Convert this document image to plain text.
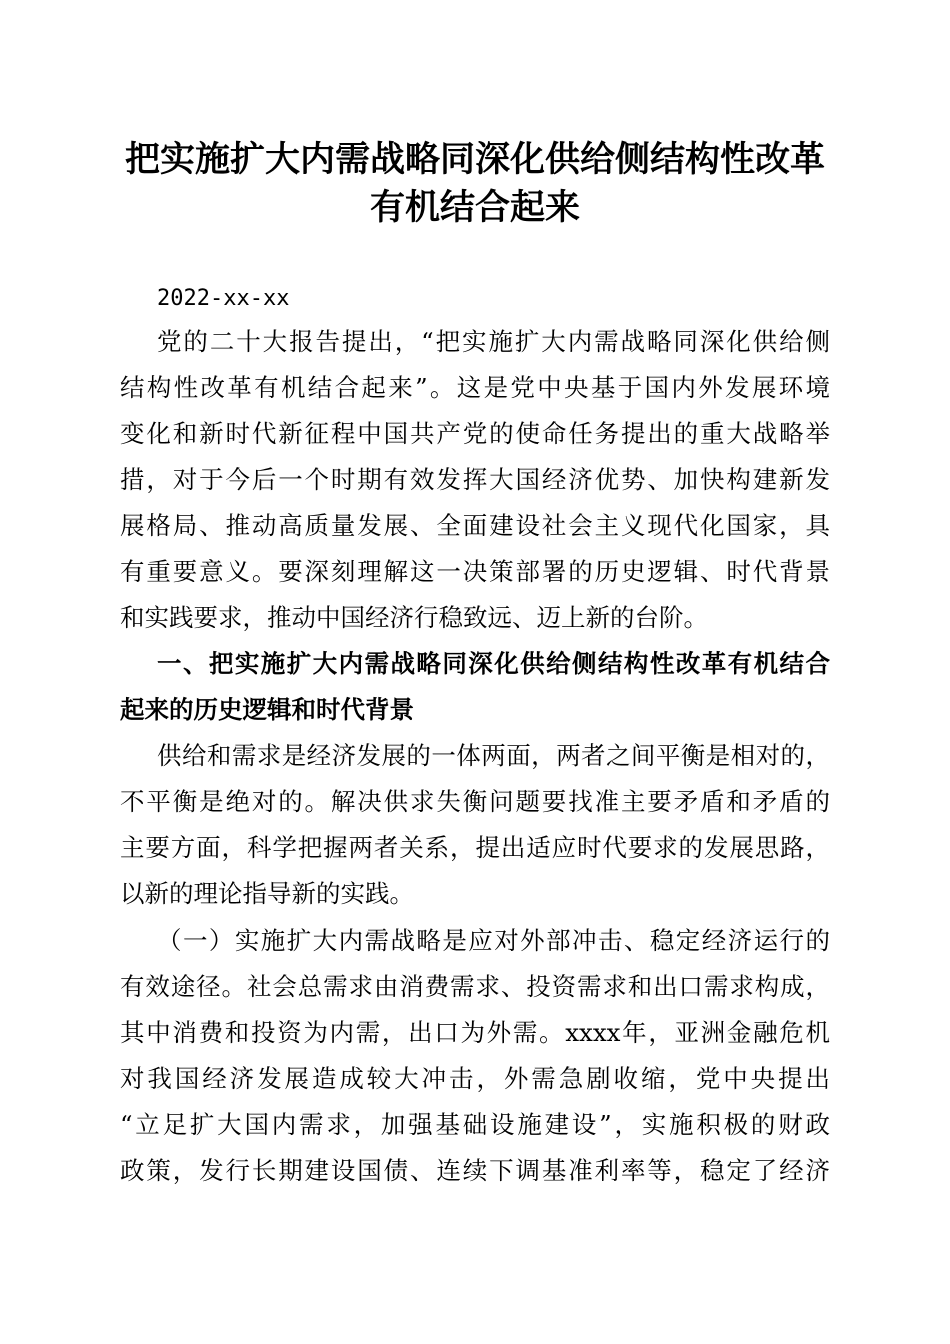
把实施扩大内需战略同深化供给侧结构性改革
有机结合起来
2022-xx-xx
党的二十大报告提出，“把实施扩大内需战略同深化供给侧
结构性改革有机结合起来”。这是党中央基于国内外发展环境
变化和新时代新征程中国共产党的使命任务提出的重大战略举
措，对于今后一个时期有效发挥大国经济优势、加快构建新发
展格局、推动高质量发展、全面建设社会主义现代化国家，具
有重要意义。要深刻理解这一决策部署的历史逻辑、时代背景
和实践要求，推动中国经济行稳致远、迈上新的台阶。
一、把实施扩大内需战略同深化供给侧结构性改革有机结合
起来的历史逻辑和时代背景
供给和需求是经济发展的一体两面，两者之间平衡是相对的，
不平衡是绝对的。解决供求失衡问题要找准主要矛盾和矛盾的
主要方面，科学把握两者关系，提出适应时代要求的发展思路，
以新的理论指导新的实践。
（一）实施扩大内需战略是应对外部冲击、稳定经济运行的
有效途径。社会总需求由消费需求、投资需求和出口需求构成，
其中消费和投资为内需，出口为外需。xxxx年，亚洲金融危机
对我国经济发展造成较大冲击，外需急剧收缩，党中央提出
“立足扩大国内需求，加强基础设施建设”，实施积极的财政
政策，发行长期建设国债、连续下调基准利率等，稳定了经济
